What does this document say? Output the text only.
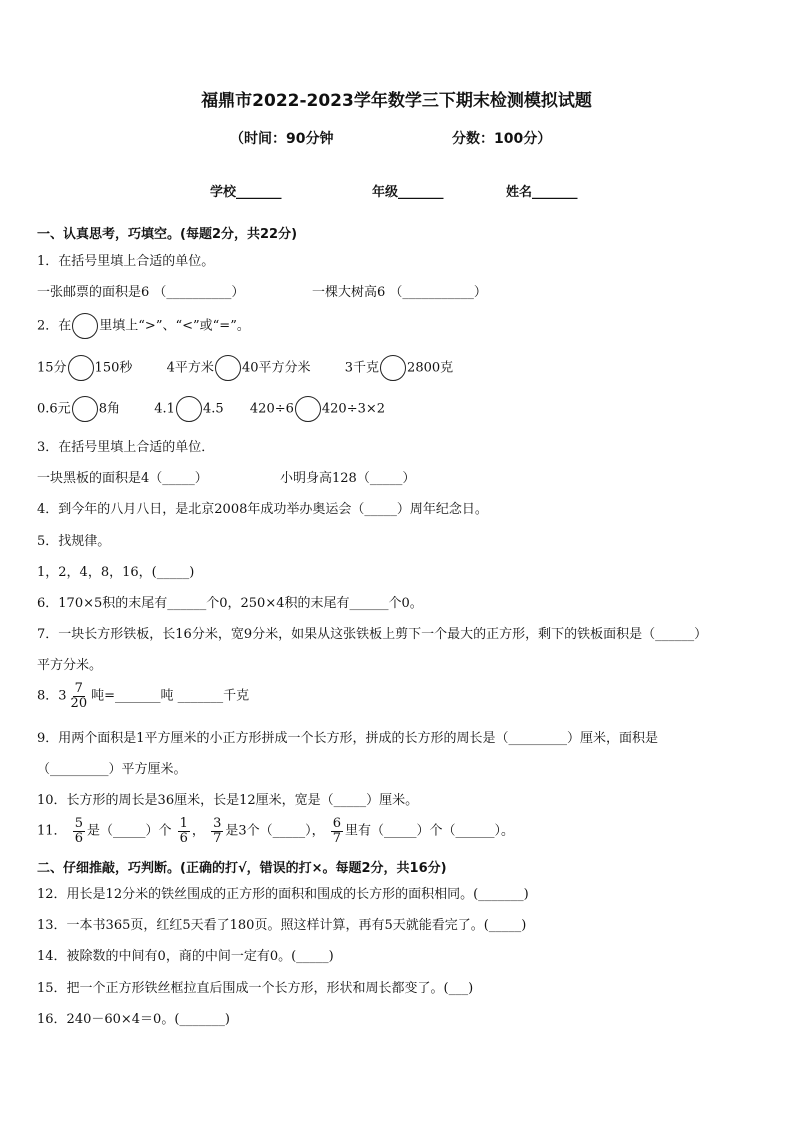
福鼎市2022-2023学年数学三下期末检测模拟试题
（时间：90分钟	分数：100分）
学校_______	年级_______	姓名_______
一、认真思考，巧填空。(每题2分，共22分)
1．在括号里填上合适的单位。
一张邮票的面积是6 （__________）	一棵大树高6 （___________）
2．在 里填上“>”、“<”或“=”。
15分 150秒	4平方米 40平方分米	3千克 2800克
0.6元 8角	4.1 4.5 420÷6 420÷3×2
3．在括号里填上合适的单位．
一块黑板的面积是4（_____）	小明身高128（_____）
4．到今年的八月八日，是北京2008年成功举办奥运会（_____）周年纪念日。
5．找规律。
1，2，4，8，16，(_____)
6．170×5积的末尾有______个0，250×4积的末尾有______个0。
7．一块长方形铁板，长16分米，宽9分米，如果从这张铁板上剪下一个最大的正方形，剩下的铁板面积是（______）
平方分米。
8．$3 \frac{7}{20}$ 吨=_______吨 _______千克
9．用两个面积是1平方厘米的小正方形拼成一个长方形，拼成的长方形的周长是（_________）厘米，面积是
（_________）平方厘米。
10．长方形的周长是36厘米，长是12厘米，宽是（_____）厘米。
11． $\frac{5}{6}$ 是（_____）个 $\frac{1}{6}$ ， $\frac{3}{7}$ 是3个（_____）， $\frac{6}{7}$ 里有（_____）个（______）。
二、仔细推敲，巧判断。(正确的打√，错误的打×。每题2分，共16分)
12．用长是12分米的铁丝围成的正方形的面积和围成的长方形的面积相同。(_______)
13．一本书365页，红红5天看了180页。照这样计算，再有5天就能看完了。(_____)
14．被除数的中间有0，商的中间一定有0。(_____)
15．把一个正方形铁丝框拉直后围成一个长方形，形状和周长都变了。(___)
16．240－60×4＝0。(_______)
